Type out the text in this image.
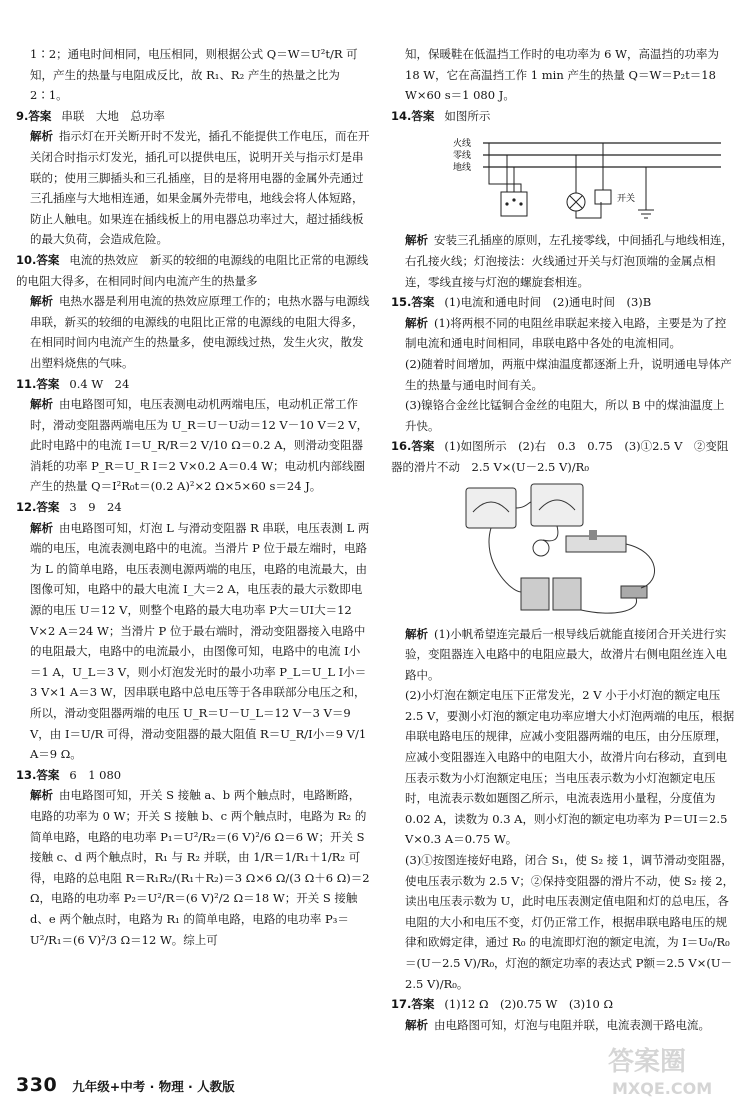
1∶2；通电时间相同，电压相同，则根据公式 Q＝W＝U²t/R 可知，产生的热量与电阻成反比，故 R₁、R₂ 产生的热量之比为 2∶1。
9.答案 串联　大地　总功率
解析 指示灯在开关断开时不发光，插孔不能提供工作电压，而在开关闭合时指示灯发光，插孔可以提供电压，说明开关与指示灯是串联的；使用三脚插头和三孔插座，目的是将用电器的金属外壳通过三孔插座与大地相连通，如果金属外壳带电，地线会将人体短路，防止人触电。如果连在插线板上的用电器总功率过大，超过插线板的最大负荷，会造成危险。
10.答案 电流的热效应　新买的较细的电源线的电阻比正常的电源线的电阻大得多，在相同时间内电流产生的热量多
解析 电热水器是利用电流的热效应原理工作的；电热水器与电源线串联，新买的较细的电源线的电阻比正常的电源线的电阻大得多，在相同时间内电流产生的热量多，使电源线过热，发生火灾，散发出塑料烧焦的气味。
11.答案 0.4 W　24
解析 由电路图可知，电压表测电动机两端电压，电动机正常工作时，滑动变阻器两端电压为 U_R＝U－U动＝12 V－10 V＝2 V，此时电路中的电流 I＝U_R/R＝2 V/10 Ω＝0.2 A，则滑动变阻器消耗的功率 P_R＝U_R I＝2 V×0.2 A＝0.4 W；电动机内部线圈产生的热量 Q＝I²R₀t＝(0.2 A)²×2 Ω×5×60 s＝24 J。
12.答案 3　9　24
解析 由电路图可知，灯泡 L 与滑动变阻器 R 串联，电压表测 L 两端的电压，电流表测电路中的电流。当滑片 P 位于最左端时，电路为 L 的简单电路，电压表测电源两端的电压，电路的电流最大，由图像可知，电路中的最大电流 I_大＝2 A，电压表的最大示数即电源的电压 U＝12 V，则整个电路的最大电功率 P大＝UI大＝12 V×2 A＝24 W；当滑片 P 位于最右端时，滑动变阻器接入电路中的电阻最大，电路中的电流最小，由图像可知，电路中的电流 I小＝1 A，U_L＝3 V，则小灯泡发光时的最小功率 P_L＝U_L I小＝3 V×1 A＝3 W，因串联电路中总电压等于各串联部分电压之和，所以，滑动变阻器两端的电压 U_R＝U－U_L＝12 V－3 V＝9 V，由 I＝U/R 可得，滑动变阻器的最大阻值 R＝U_R/I小＝9 V/1 A＝9 Ω。
13.答案 6　1 080
解析 由电路图可知，开关 S 接触 a、b 两个触点时，电路断路，电路的功率为 0 W；开关 S 接触 b、c 两个触点时，电路为 R₂ 的简单电路，电路的电功率 P₁＝U²/R₂＝(6 V)²/6 Ω＝6 W；开关 S 接触 c、d 两个触点时，R₁ 与 R₂ 并联，由 1/R＝1/R₁＋1/R₂ 可得，电路的总电阻 R＝R₁R₂/(R₁＋R₂)＝3 Ω×6 Ω/(3 Ω＋6 Ω)＝2 Ω，电路的电功率 P₂＝U²/R＝(6 V)²/2 Ω＝18 W；开关 S 接触 d、e 两个触点时，电路为 R₁ 的简单电路，电路的电功率 P₃＝U²/R₁＝(6 V)²/3 Ω＝12 W。综上可
知，保暖鞋在低温挡工作时的电功率为 6 W，高温挡的功率为 18 W，它在高温挡工作 1 min 产生的热量 Q＝W＝P₂t＝18 W×60 s＝1 080 J。
14.答案 如图所示
火线
零线
地线
开关
解析 安装三孔插座的原则，左孔接零线，中间插孔与地线相连，右孔接火线；灯泡接法：火线通过开关与灯泡顶端的金属点相连，零线直接与灯泡的螺旋套相连。
15.答案 (1)电流和通电时间　(2)通电时间　(3)B
解析 (1)将两根不同的电阻丝串联起来接入电路，主要是为了控制电流和通电时间相同，串联电路中各处的电流相同。
(2)随着时间增加，两瓶中煤油温度都逐渐上升，说明通电导体产生的热量与通电时间有关。
(3)镍铬合金丝比锰铜合金丝的电阻大，所以 B 中的煤油温度上升快。
16.答案 (1)如图所示　(2)右　0.3　0.75　(3)①2.5 V　②变阻器的滑片不动　2.5 V×(U－2.5 V)/R₀
解析 (1)小帆希望连完最后一根导线后就能直接闭合开关进行实验，变阻器连入电路中的电阻应最大，故滑片右侧电阻丝连入电路中。
(2)小灯泡在额定电压下正常发光，2 V 小于小灯泡的额定电压 2.5 V，要测小灯泡的额定电功率应增大小灯泡两端的电压，根据串联电路电压的规律，应减小变阻器两端的电压，由分压原理，应减小变阻器连入电路中的电阻大小，故滑片向右移动，直到电压表示数为小灯泡额定电压；当电压表示数为小灯泡额定电压时，电流表示数如题图乙所示，电流表选用小量程，分度值为 0.02 A，读数为 0.3 A，则小灯泡的额定电功率为 P＝UI＝2.5 V×0.3 A＝0.75 W。
(3)①按图连接好电路，闭合 S₁，使 S₂ 接 1，调节滑动变阻器，使电压表示数为 2.5 V；②保持变阻器的滑片不动，使 S₂ 接 2，读出电压表示数为 U，此时电压表测定值电阻和灯的总电压，各电阻的大小和电压不变，灯仍正常工作，根据串联电路电压的规律和欧姆定律，通过 R₀ 的电流即灯泡的额定电流，为 I＝U₀/R₀＝(U－2.5 V)/R₀，灯泡的额定功率的表达式 P额＝2.5 V×(U－2.5 V)/R₀。
17.答案 (1)12 Ω　(2)0.75 W　(3)10 Ω
解析 由电路图可知，灯泡与电阻并联，电流表测干路电流。
330 九年级+中考 · 物理 · 人教版
答案圈
MXQE.COM
